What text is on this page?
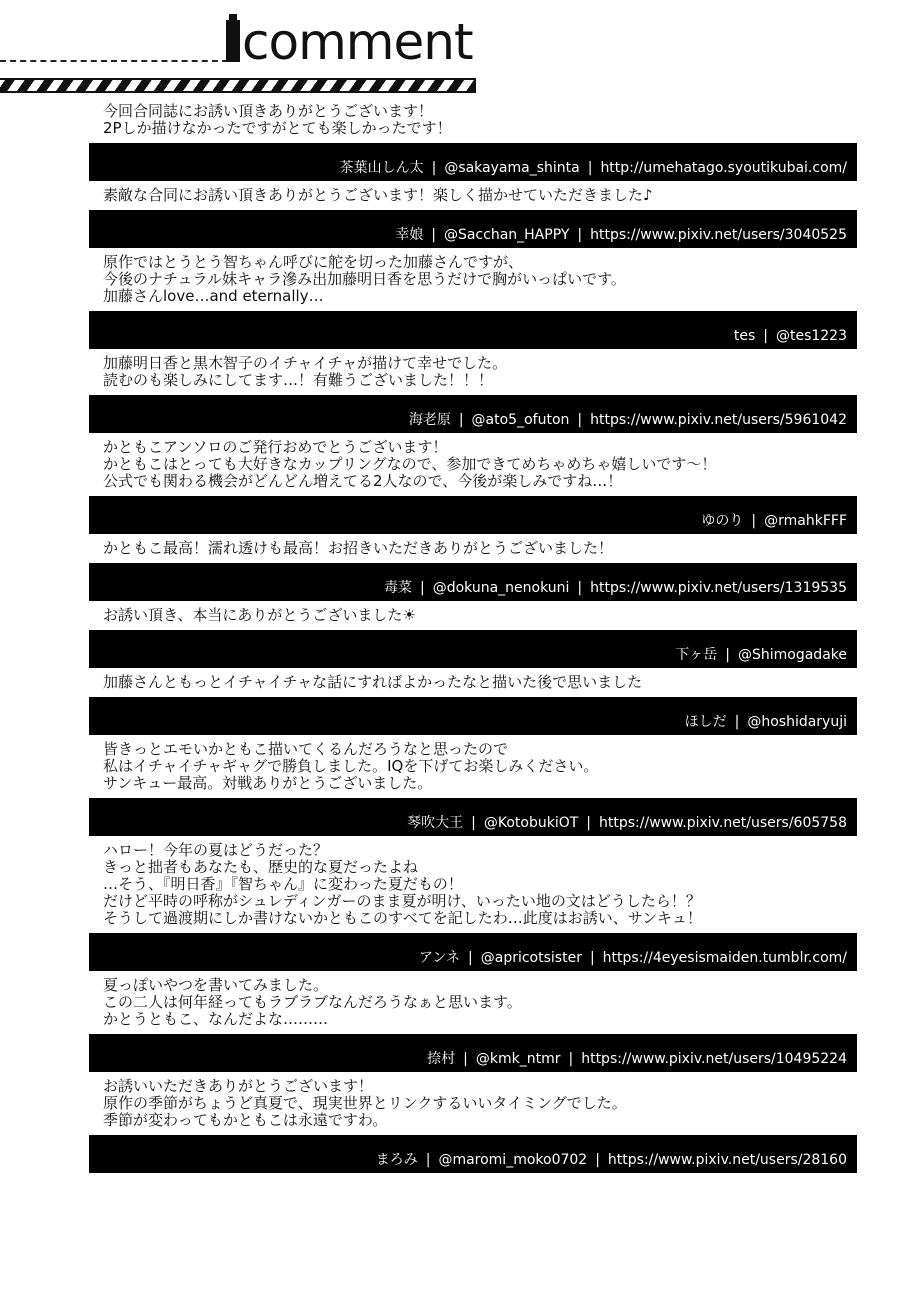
comment
今回合同誌にお誘い頂きありがとうございます！
2Pしか描けなかったですがとても楽しかったです！
茶葉山しん太 | @sakayama_shinta | http://umehatago.syoutikubai.com/
素敵な合同にお誘い頂きありがとうございます！楽しく描かせていただきました♪
幸娘 | @Sacchan_HAPPY | https://www.pixiv.net/users/3040525
原作ではとうとう智ちゃん呼びに舵を切った加藤さんですが、
今後のナチュラル妹キャラ滲み出加藤明日香を思うだけで胸がいっぱいです。
加藤さんlove…and eternally…
tes | @tes1223
加藤明日香と黒木智子のイチャイチャが描けて幸せでした。
読むのも楽しみにしてます…！有難うございました！！！
海老原 | @ato5_ofuton | https://www.pixiv.net/users/5961042
かともこアンソロのご発行おめでとうございます！
かともこはとっても大好きなカップリングなので、参加できてめちゃめちゃ嬉しいです～！
公式でも関わる機会がどんどん増えてる2人なので、今後が楽しみですね…！
ゆのり | @rmahkFFF
かともこ最高！濡れ透けも最高！お招きいただきありがとうございました！
毒菜 | @dokuna_nenokuni | https://www.pixiv.net/users/1319535
お誘い頂き、本当にありがとうございました☀
下ヶ岳 | @Shimogadake
加藤さんともっとイチャイチャな話にすればよかったなと描いた後で思いました
ほしだ | @hoshidaryuji
皆きっとエモいかともこ描いてくるんだろうなと思ったので
私はイチャイチャギャグで勝負しました。IQを下げてお楽しみください。
サンキュー最高。対戦ありがとうございました。
琴吹大王 | @KotobukiOT | https://www.pixiv.net/users/605758
ハロー！今年の夏はどうだった？
きっと拙者もあなたも、歴史的な夏だったよね
…そう、『明日香』『智ちゃん』に変わった夏だもの！
だけど平時の呼称がシュレディンガーのまま夏が明け、いったい地の文はどうしたら！？
そうして過渡期にしか書けないかともこのすべてを記したわ…此度はお誘い、サンキュ！
アンネ | @apricotsister | https://4eyesismaiden.tumblr.com/
夏っぽいやつを書いてみました。
この二人は何年経ってもラブラブなんだろうなぁと思います。
かとうともこ、なんだよな………
捺村 | @kmk_ntmr | https://www.pixiv.net/users/10495224
お誘いいただきありがとうございます！
原作の季節がちょうど真夏で、現実世界とリンクするいいタイミングでした。
季節が変わってもかともこは永遠ですわ。
まろみ | @maromi_moko0702 | https://www.pixiv.net/users/28160
